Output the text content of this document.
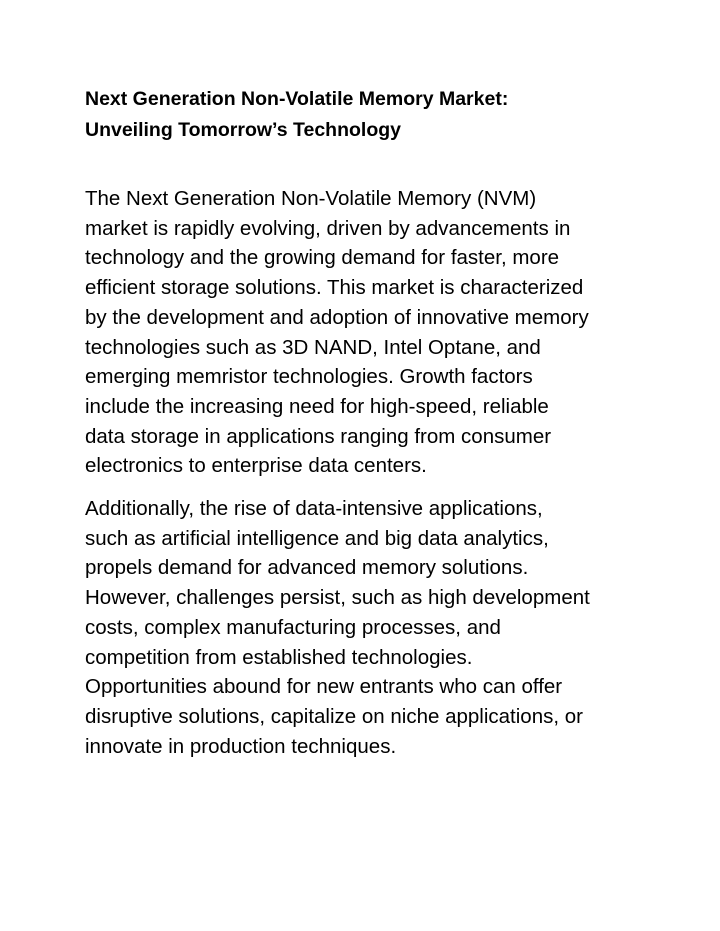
Next Generation Non-Volatile Memory Market:
Unveiling Tomorrow’s Technology

The Next Generation Non-Volatile Memory (NVM)
market is rapidly evolving, driven by advancements in
technology and the growing demand for faster, more
efficient storage solutions. This market is characterized
by the development and adoption of innovative memory
technologies such as 3D NAND, Intel Optane, and
emerging memristor technologies. Growth factors
include the increasing need for high-speed, reliable
data storage in applications ranging from consumer
electronics to enterprise data centers.

Additionally, the rise of data-intensive applications,
such as artificial intelligence and big data analytics,
propels demand for advanced memory solutions.
However, challenges persist, such as high development
costs, complex manufacturing processes, and
competition from established technologies.
Opportunities abound for new entrants who can offer
disruptive solutions, capitalize on niche applications, or
innovate in production techniques.
